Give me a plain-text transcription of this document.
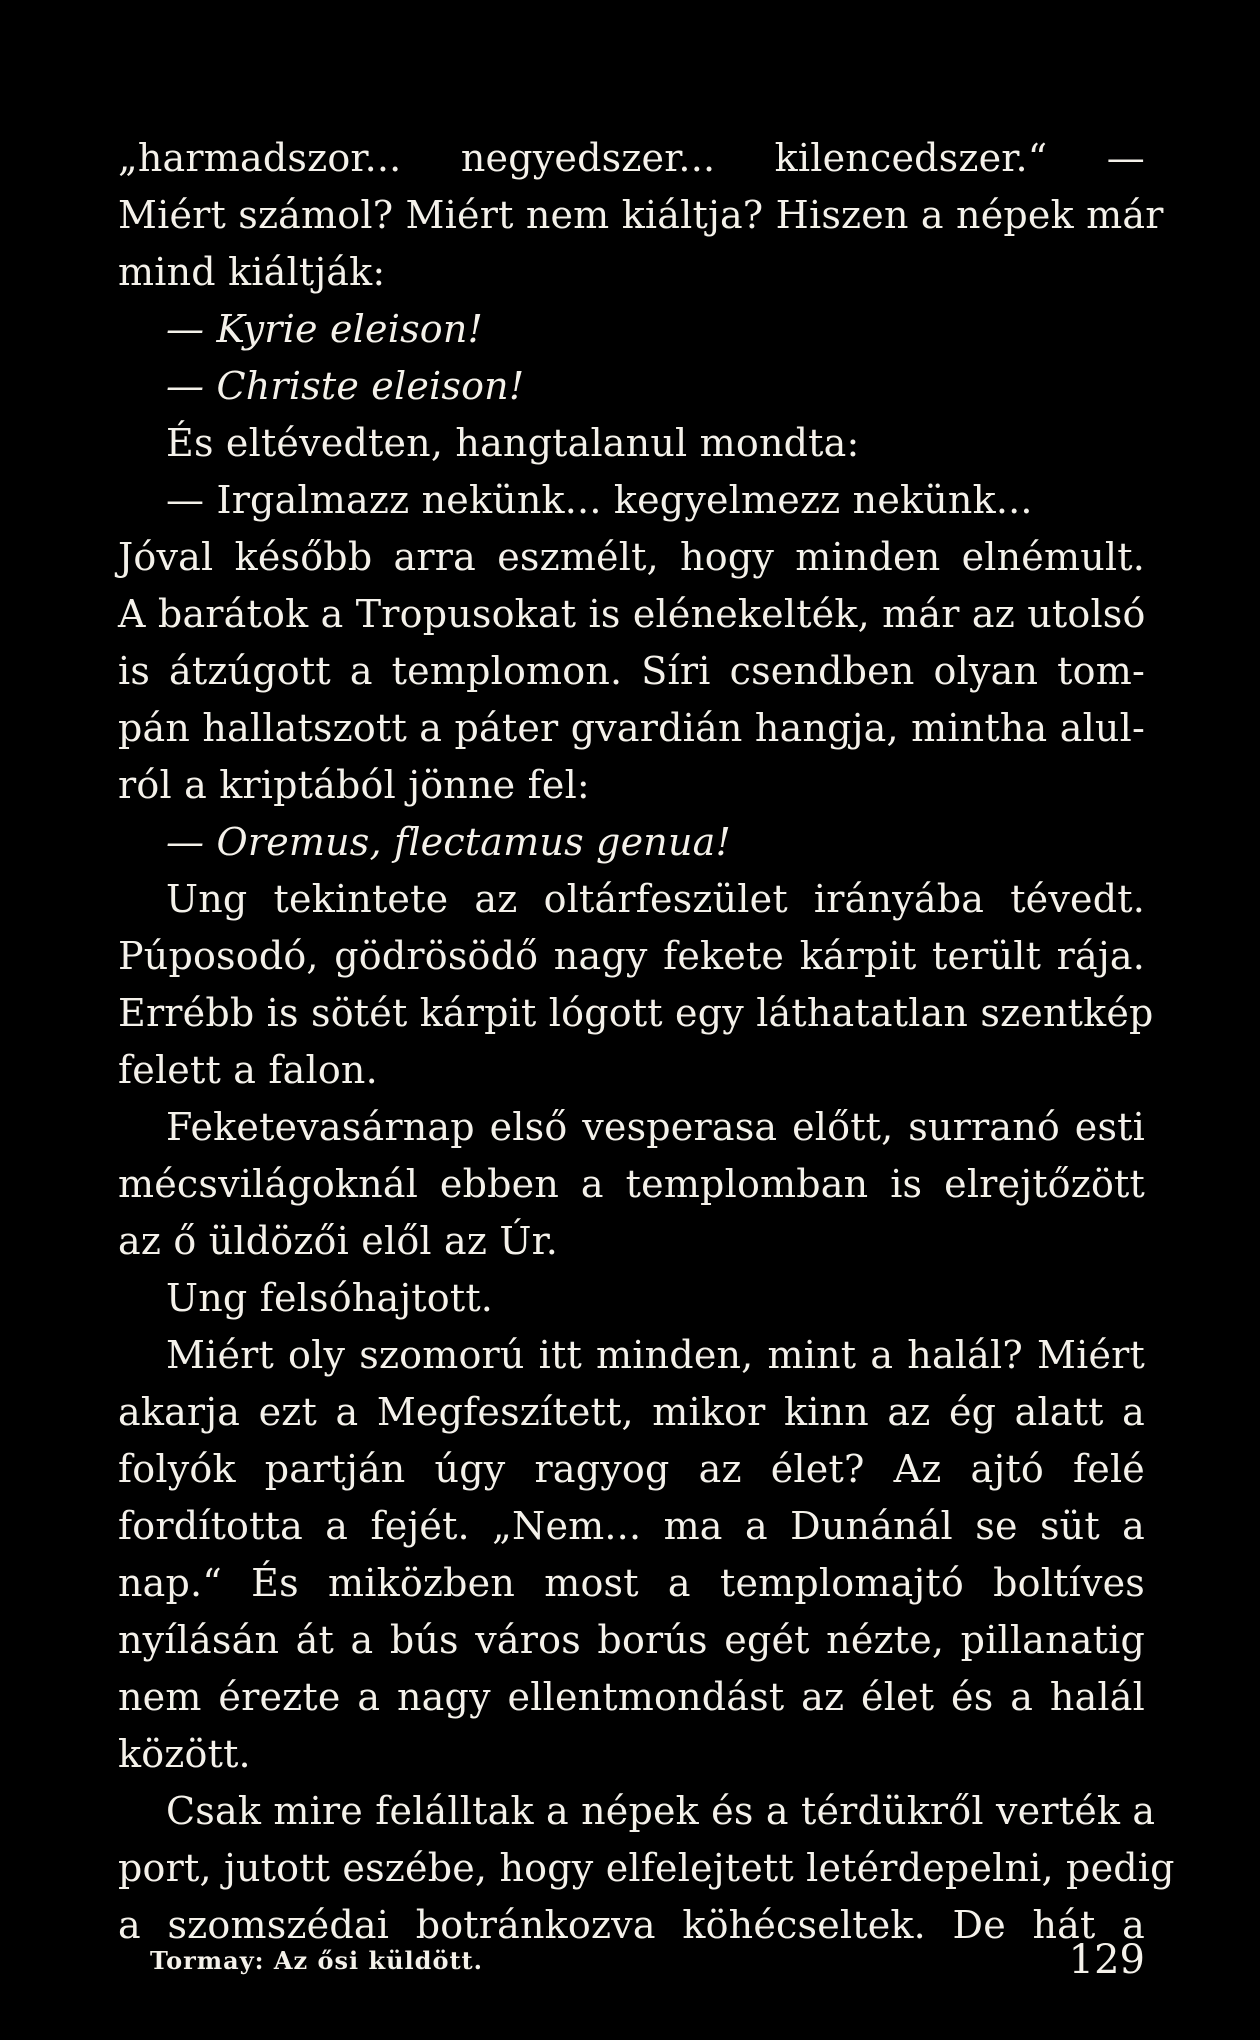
„harmadszor... negyedszer... kilencedszer.“ —
Miért számol? Miért nem kiáltja? Hiszen a népek már
mind kiáltják:
— Kyrie eleison!
— Christe eleison!
És eltévedten, hangtalanul mondta:
— Irgalmazz nekünk... kegyelmezz nekünk...
Jóval később arra eszmélt, hogy minden elnémult.
A barátok a Tropusokat is elénekelték, már az utolsó
is átzúgott a templomon. Síri csendben olyan tom-
pán hallatszott a páter gvardián hangja, mintha alul-
ról a kriptából jönne fel:
— Oremus, flectamus genua!
Ung tekintete az oltárfeszület irányába tévedt.
Púposodó, gödrösödő nagy fekete kárpit terült rája.
Errébb is sötét kárpit lógott egy láthatatlan szentkép
felett a falon.
Feketevasárnap első vesperasa előtt, surranó esti
mécsvilágoknál ebben a templomban is elrejtőzött
az ő üldözői elől az Úr.
Ung felsóhajtott.
Miért oly szomorú itt minden, mint a halál? Miért
akarja ezt a Megfeszített, mikor kinn az ég alatt a
folyók partján úgy ragyog az élet? Az ajtó felé
fordította a fejét. „Nem... ma a Dunánál se süt a
nap.“ És miközben most a templomajtó boltíves
nyílásán át a bús város borús egét nézte, pillanatig
nem érezte a nagy ellentmondást az élet és a halál
között.
Csak mire felálltak a népek és a térdükről verték a
port, jutott eszébe, hogy elfelejtett letérdepelni, pedig
a szomszédai botránkozva köhécseltek. De hát a
Tormay: Az ősi küldött.	129
